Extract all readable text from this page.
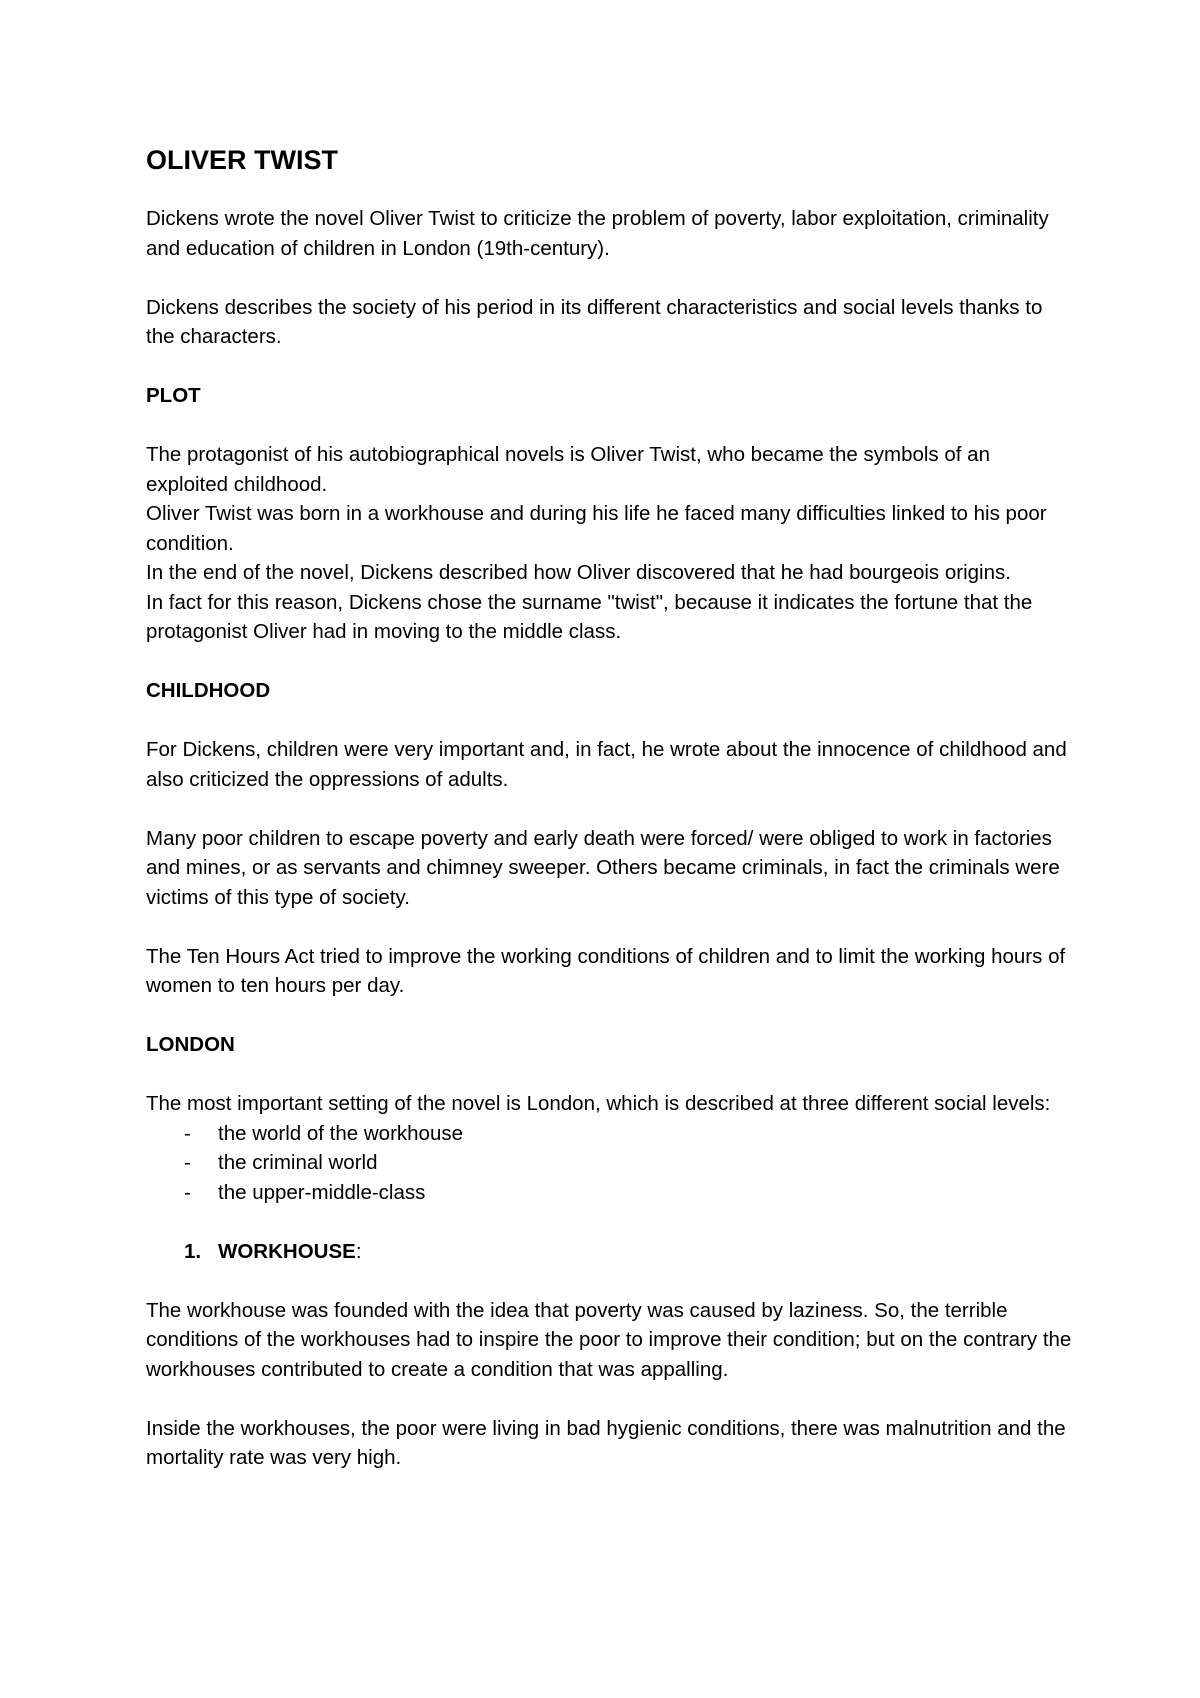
OLIVER TWIST

Dickens wrote the novel Oliver Twist to criticize the problem of poverty, labor exploitation, criminality and education of children in London (19th-century).

Dickens describes the society of his period in its different characteristics and social levels thanks to the characters.

PLOT

The protagonist of his autobiographical novels is Oliver Twist, who became the symbols of an exploited childhood.

Oliver Twist was born in a workhouse and during his life he faced many difficulties linked to his poor condition.

In the end of the novel, Dickens described how Oliver discovered that he had bourgeois origins.

In fact for this reason, Dickens chose the surname "twist", because it indicates the fortune that the protagonist Oliver had in moving to the middle class.

CHILDHOOD

For Dickens, children were very important and, in fact, he wrote about the innocence of childhood and also criticized the oppressions of adults.

Many poor children to escape poverty and early death were forced/ were obliged to work in factories and mines, or as servants and chimney sweeper. Others became criminals, in fact the criminals were victims of this type of society.

The Ten Hours Act tried to improve the working conditions of children and to limit the working hours of women to ten hours per day.

LONDON

The most important setting of the novel is London, which is described at three different social levels:

- the world of the workhouse
- the criminal world
- the upper-middle-class
1. WORKHOUSE:

The workhouse was founded with the idea that poverty was caused by laziness. So, the terrible conditions of the workhouses had to inspire the poor to improve their condition; but on the contrary the workhouses contributed to create a condition that was appalling.

Inside the workhouses, the poor were living in bad hygienic conditions, there was malnutrition and the mortality rate was very high.
